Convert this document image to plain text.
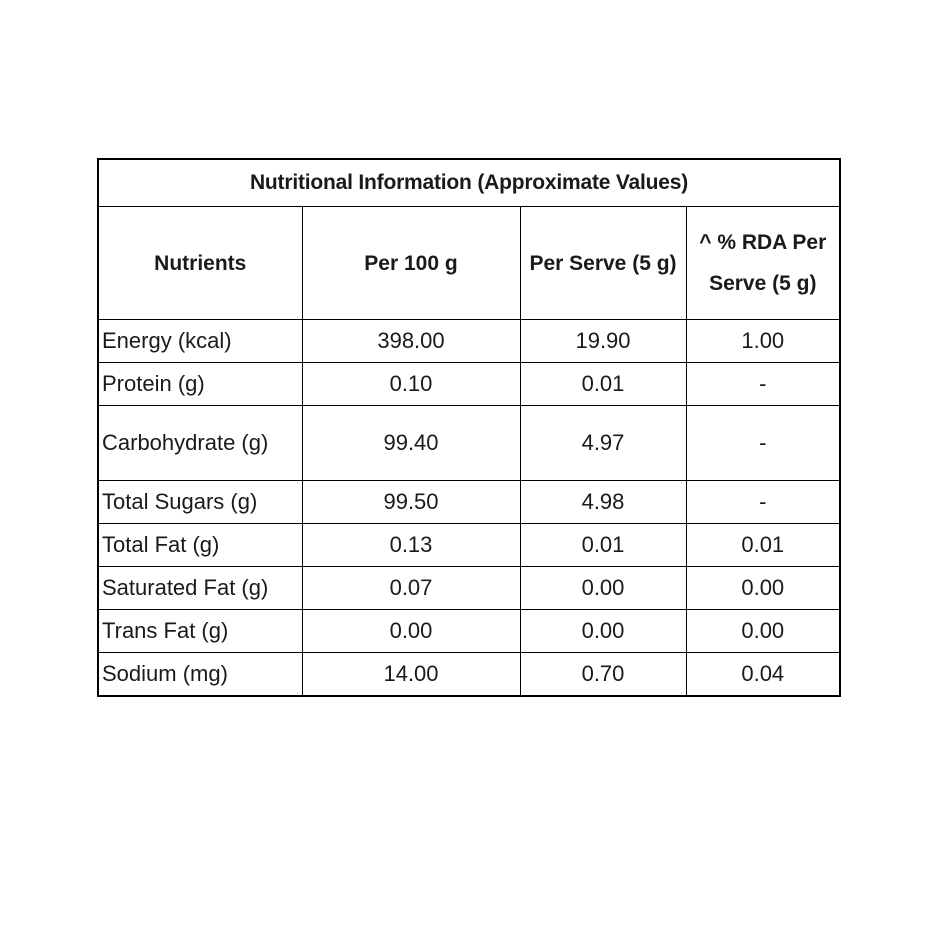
Nutritional Information (Approximate Values)			
Nutrients	Per 100 g	Per Serve (5 g)	^ % RDA Per Serve (5 g)
Energy (kcal)	398.00	19.90	1.00
Protein (g)	0.10	0.01	-
Carbohydrate (g)	99.40	4.97	-
Total Sugars (g)	99.50	4.98	-
Total Fat (g)	0.13	0.01	0.01
Saturated Fat (g)	0.07	0.00	0.00
Trans Fat (g)	0.00	0.00	0.00
Sodium (mg)	14.00	0.70	0.04
